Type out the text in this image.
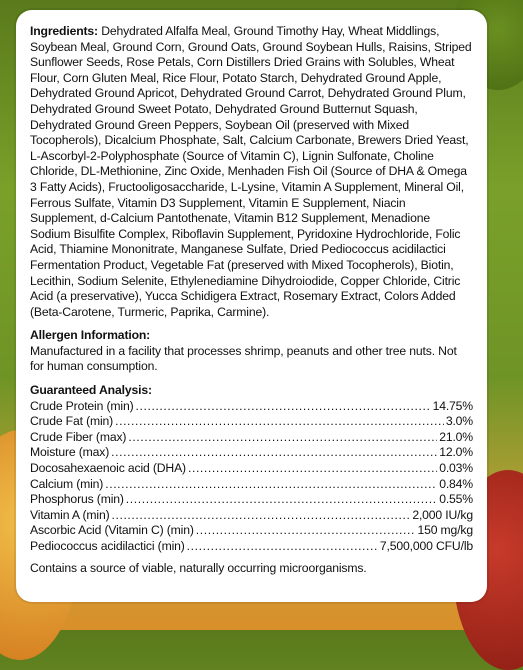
Ingredients: Dehydrated Alfalfa Meal, Ground Timothy Hay, Wheat Middlings, Soybean Meal, Ground Corn, Ground Oats, Ground Soybean Hulls, Raisins, Striped Sunflower Seeds, Rose Petals, Corn Distillers Dried Grains with Solubles, Wheat Flour, Corn Gluten Meal, Rice Flour, Potato Starch, Dehydrated Ground Apple, Dehydrated Ground Apricot, Dehydrated Ground Carrot, Dehydrated Ground Plum, Dehydrated Ground Sweet Potato, Dehydrated Ground Butternut Squash, Dehydrated Ground Green Peppers, Soybean Oil (preserved with Mixed Tocopherols), Dicalcium Phosphate, Salt, Calcium Carbonate, Brewers Dried Yeast, L-Ascorbyl-2-Polyphosphate (Source of Vitamin C), Lignin Sulfonate, Choline Chloride, DL-Methionine, Zinc Oxide, Menhaden Fish Oil (Source of DHA & Omega 3 Fatty Acids), Fructooligosaccharide, L-Lysine, Vitamin A Supplement, Mineral Oil, Ferrous Sulfate, Vitamin D3 Supplement, Vitamin E Supplement, Niacin Supplement, d-Calcium Pantothenate, Vitamin B12 Supplement, Menadione Sodium Bisulfite Complex, Riboflavin Supplement, Pyridoxine Hydrochloride, Folic Acid, Thiamine Mononitrate, Manganese Sulfate, Dried Pediococcus acidilactici Fermentation Product, Vegetable Fat (preserved with Mixed Tocopherols), Biotin, Lecithin, Sodium Selenite, Ethylenediamine Dihydroiodide, Copper Chloride, Citric Acid (a preservative), Yucca Schidigera Extract, Rosemary Extract, Colors Added (Beta-Carotene, Turmeric, Paprika, Carmine).

Allergen Information:

Manufactured in a facility that processes shrimp, peanuts and other tree nuts. Not for human consumption.

Guaranteed Analysis:
Crude Protein (min) .....	14.75%
Crude Fat (min) .....	3.0%
Crude Fiber (max) .....	21.0%
Moisture (max) .....	12.0%
Docosahexaenoic acid (DHA) .....	0.03%
Calcium (min) .....	0.84%
Phosphorus (min) .....	0.55%
Vitamin A (min) .....	2,000 IU/kg
Ascorbic Acid (Vitamin C) (min) .....	150 mg/kg
Pediococcus acidilactici (min) .....	7,500,000 CFU/lb

Contains a source of viable, naturally occurring microorganisms.
